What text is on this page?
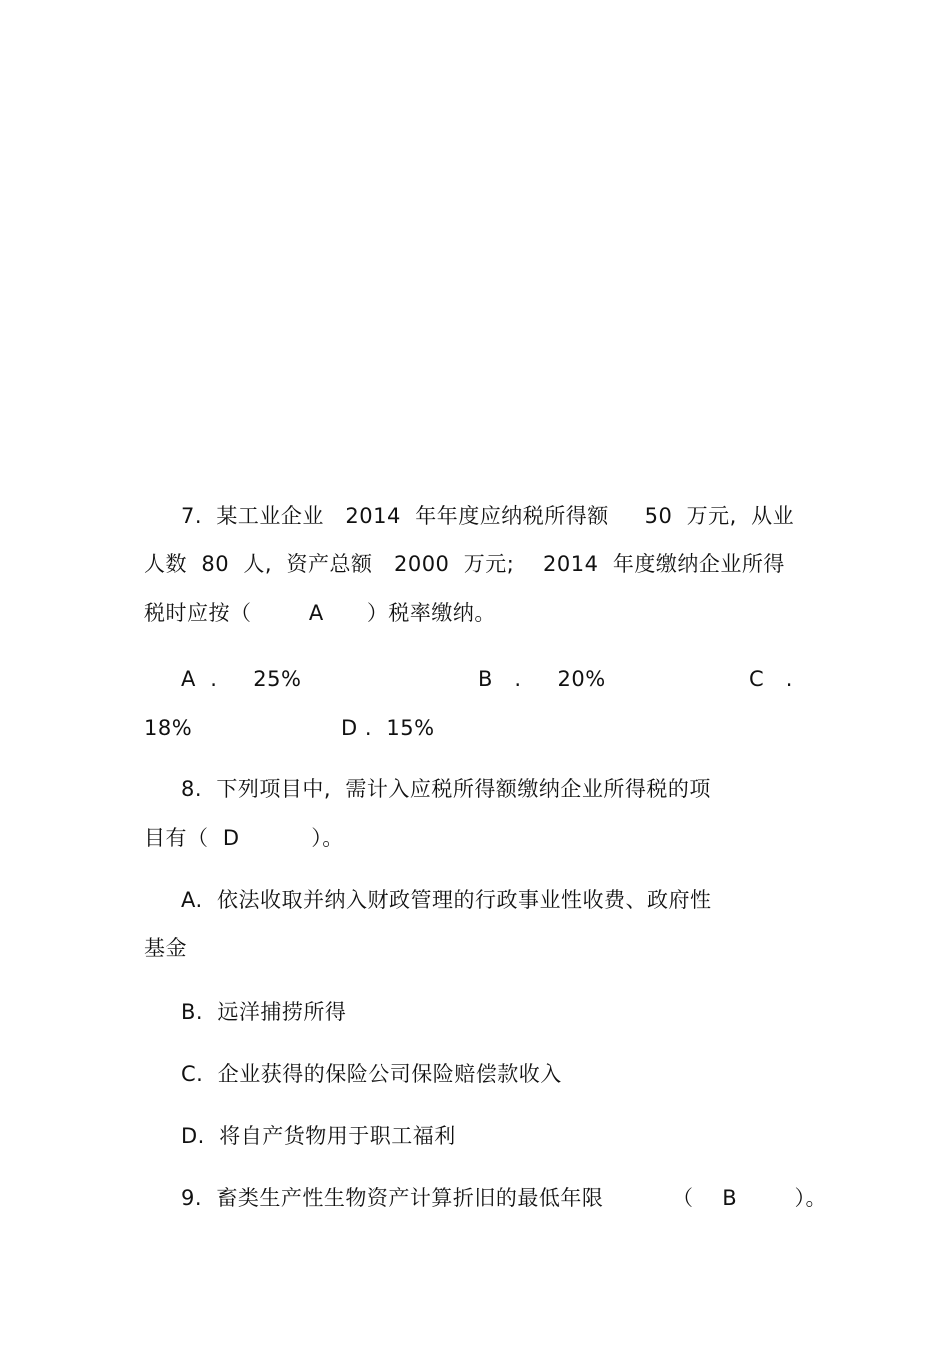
7.  某工业企业   2014  年年度应纳税所得额     50  万元,  从业
人数  80  人,  资产总额   2000  万元;    2014  年度缴纳企业所得
税时应按（        A      ）税率缴纳。
A  .     25%	B   .     20%	C   .
18%	D .  15%
8.  下列项目中,  需计入应税所得额缴纳企业所得税的项
目有（  D          ）。
A.  依法收取并纳入财政管理的行政事业性收费、政府性
基金
B.  远洋捕捞所得
C.  企业获得的保险公司保险赔偿款收入
D.  将自产货物用于职工福利
9.  畜类生产性生物资产计算折旧的最低年限	（    B        ）。
